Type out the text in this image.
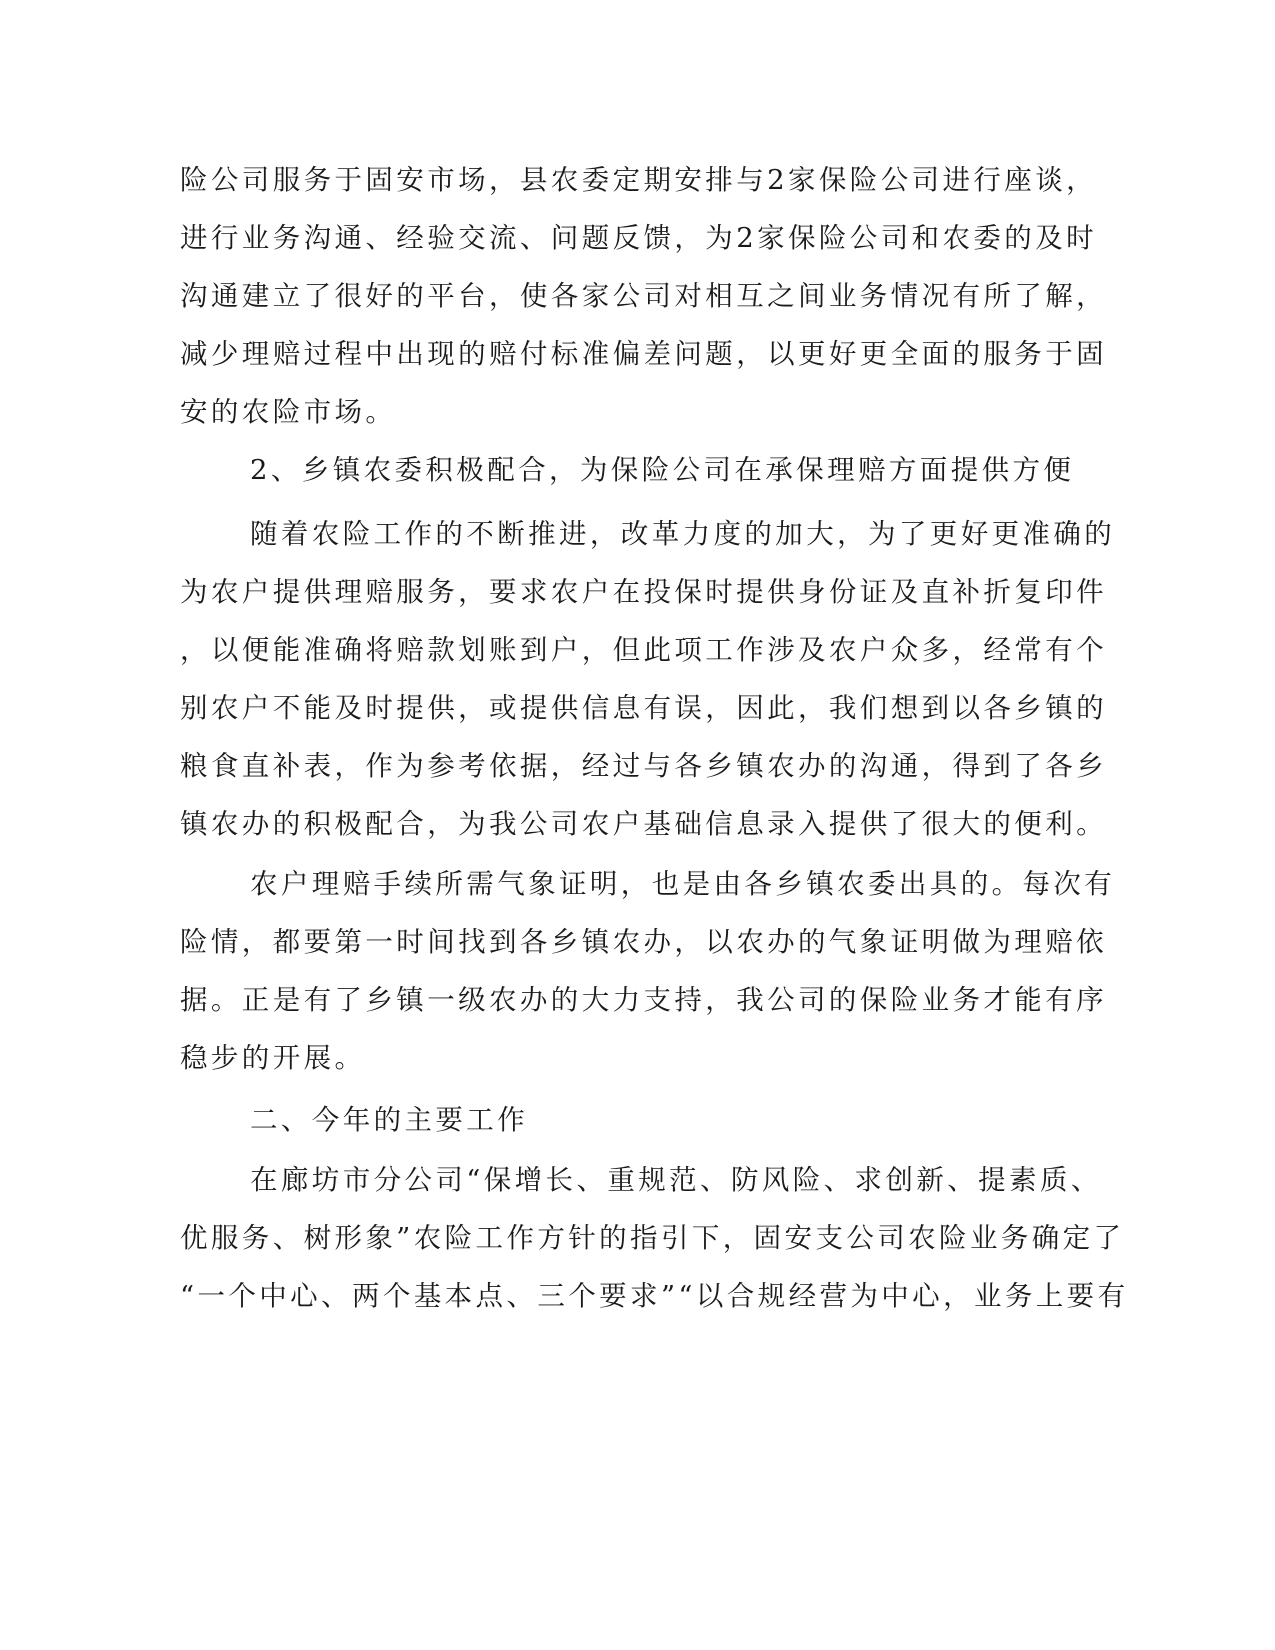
险公司服务于固安市场，县农委定期安排与2家保险公司进行座谈，
进行业务沟通、经验交流、问题反馈，为2家保险公司和农委的及时
沟通建立了很好的平台，使各家公司对相互之间业务情况有所了解，
减少理赔过程中出现的赔付标准偏差问题，以更好更全面的服务于固
安的农险市场。
2、乡镇农委积极配合，为保险公司在承保理赔方面提供方便
随着农险工作的不断推进，改革力度的加大，为了更好更准确的
为农户提供理赔服务，要求农户在投保时提供身份证及直补折复印件
，以便能准确将赔款划账到户，但此项工作涉及农户众多，经常有个
别农户不能及时提供，或提供信息有误，因此，我们想到以各乡镇的
粮食直补表，作为参考依据，经过与各乡镇农办的沟通，得到了各乡
镇农办的积极配合，为我公司农户基础信息录入提供了很大的便利。
农户理赔手续所需气象证明，也是由各乡镇农委出具的。每次有
险情，都要第一时间找到各乡镇农办，以农办的气象证明做为理赔依
据。正是有了乡镇一级农办的大力支持，我公司的保险业务才能有序
稳步的开展。
二、今年的主要工作
在廊坊市分公司“保增长、重规范、防风险、求创新、提素质、
优服务、树形象”农险工作方针的指引下，固安支公司农险业务确定了
“一个中心、两个基本点、三个要求”“以合规经营为中心，业务上要有
